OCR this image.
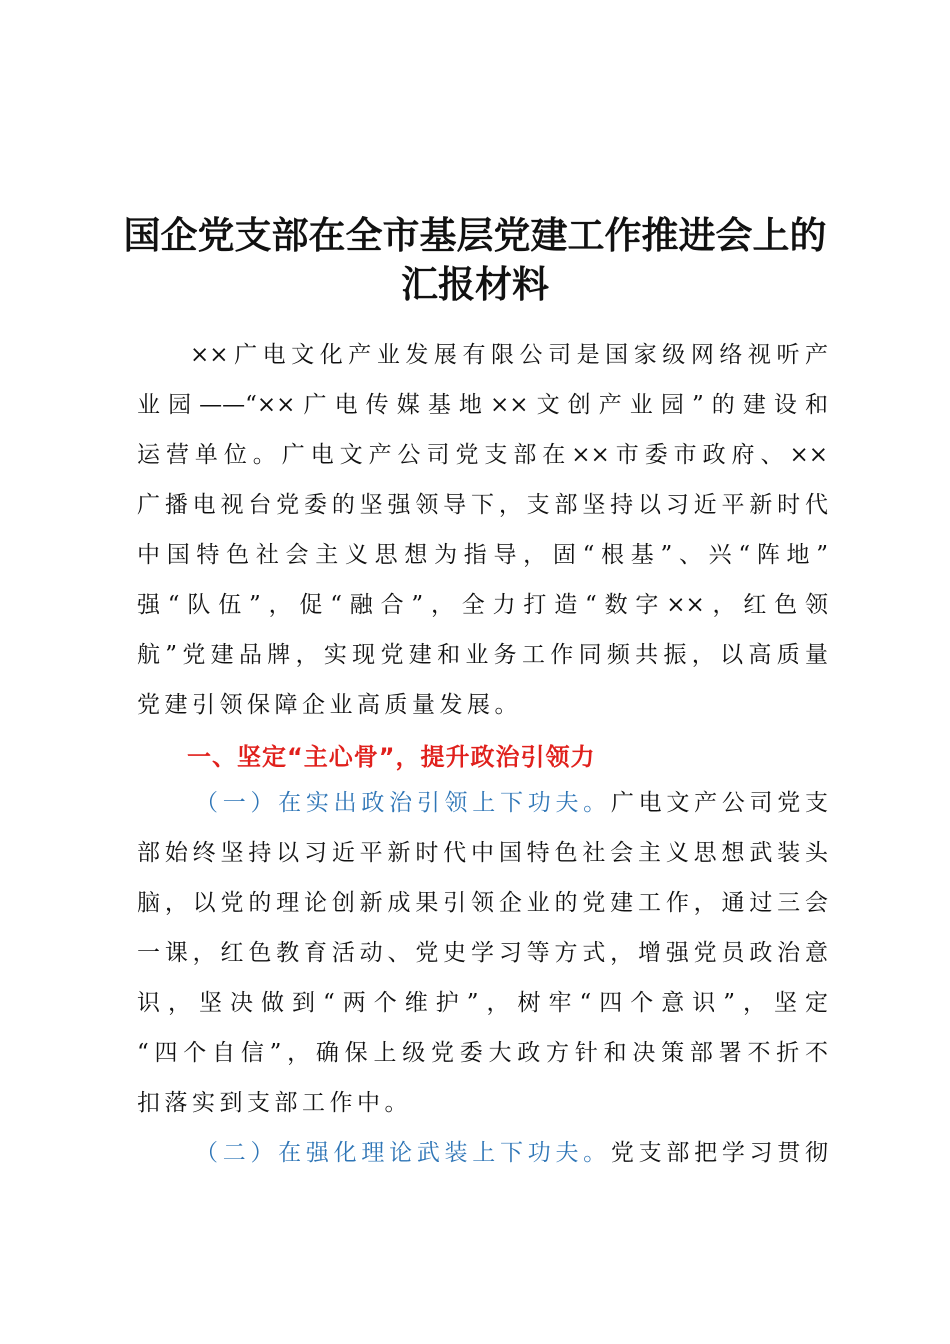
国企党支部在全市基层党建工作推进会上的
汇报材料
××广电文化产业发展有限公司是国家级网络视听产
业园——“××广电传媒基地××文创产业园”的建设和
运营单位。广电文产公司党支部在××市委市政府、××
广播电视台党委的坚强领导下，支部坚持以习近平新时代
中国特色社会主义思想为指导，固“根基”、兴“阵地”
强“队伍”，促“融合”，全力打造“数字××，红色领
航”党建品牌，实现党建和业务工作同频共振，以高质量
党建引领保障企业高质量发展。
一、坚定“主心骨”，提升政治引领力
（一）在实出政治引领上下功夫。广电文产公司党支
部始终坚持以习近平新时代中国特色社会主义思想武装头
脑，以党的理论创新成果引领企业的党建工作，通过三会
一课，红色教育活动、党史学习等方式，增强党员政治意
识，坚决做到“两个维护”，树牢“四个意识”，坚定
“四个自信”，确保上级党委大政方针和决策部署不折不
扣落实到支部工作中。
（二）在强化理论武装上下功夫。党支部把学习贯彻
